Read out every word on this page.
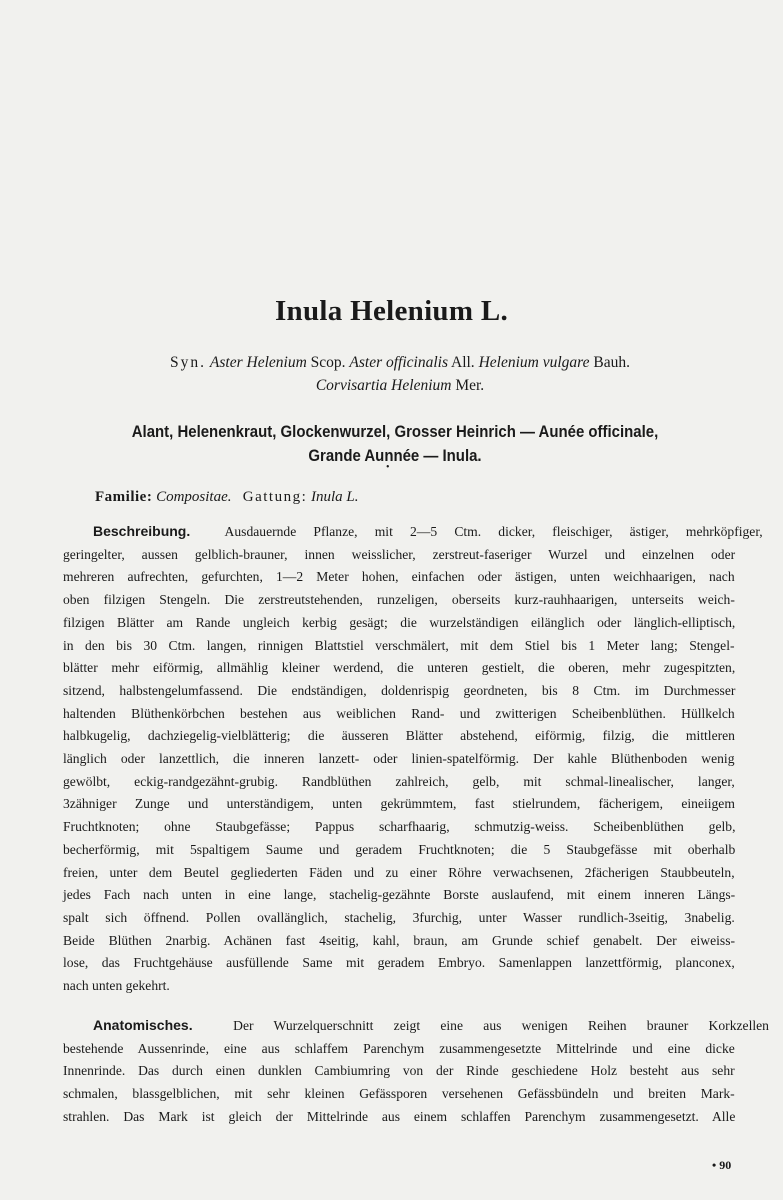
Inula Helenium L.
Syn. Aster Helenium Scop. Aster officinalis All. Helenium vulgare Bauh.
Corvisartia Helenium Mer.
Alant, Helenenkraut, Glockenwurzel, Grosser Heinrich — Aunée officinale,
Grande Aunnée — Inula.
•
Familie: Compositae. Gattung: Inula L.
Beschreibung.	Ausdauernde Pflanze, mit 2—5 Ctm. dicker, fleischiger, ästiger, mehrköpfiger,
geringelter, aussen gelblich-brauner, innen weisslicher, zerstreut-faseriger Wurzel und einzelnen oder
mehreren aufrechten, gefurchten, 1—2 Meter hohen, einfachen oder ästigen, unten weichhaarigen, nach
oben filzigen Stengeln. Die zerstreutstehenden, runzeligen, oberseits kurz-rauhhaarigen, unterseits weich-
filzigen Blätter am Rande ungleich kerbig gesägt; die wurzelständigen eilänglich oder länglich-elliptisch,
in den bis 30 Ctm. langen, rinnigen Blattstiel verschmälert, mit dem Stiel bis 1 Meter lang; Stengel-
blätter mehr eiförmig, allmählig kleiner werdend, die unteren gestielt, die oberen, mehr zugespitzten,
sitzend, halbstengelumfassend. Die endständigen, doldenrispig geordneten, bis 8 Ctm. im Durchmesser
haltenden Blüthenkörbchen bestehen aus weiblichen Rand- und zwitterigen Scheibenblüthen. Hüllkelch
halbkugelig, dachziegelig-vielblätterig; die äusseren Blätter abstehend, eiförmig, filzig, die mittleren
länglich oder lanzettlich, die inneren lanzett- oder linien-spatelförmig. Der kahle Blüthenboden wenig
gewölbt, eckig-randgezähnt-grubig. Randblüthen zahlreich, gelb, mit schmal-linealischer, langer,
3zähniger Zunge und unterständigem, unten gekrümmtem, fast stielrundem, fächerigem, eineiigem
Fruchtknoten; ohne Staubgefässe; Pappus scharfhaarig, schmutzig-weiss. Scheibenblüthen gelb,
becherförmig, mit 5spaltigem Saume und geradem Fruchtknoten; die 5 Staubgefässe mit oberhalb
freien, unter dem Beutel gegliederten Fäden und zu einer Röhre verwachsenen, 2fächerigen Staubbeuteln,
jedes Fach nach unten in eine lange, stachelig-gezähnte Borste auslaufend, mit einem inneren Längs-
spalt sich öffnend. Pollen ovallänglich, stachelig, 3furchig, unter Wasser rundlich-3seitig, 3nabelig.
Beide Blüthen 2narbig. Achänen fast 4seitig, kahl, braun, am Grunde schief genabelt. Der eiweiss-
lose, das Fruchtgehäuse ausfüllende Same mit geradem Embryo. Samenlappen lanzettförmig, planconex,
nach unten gekehrt.
Anatomisches.	Der Wurzelquerschnitt zeigt eine aus wenigen Reihen brauner Korkzellen
bestehende Aussenrinde, eine aus schlaffem Parenchym zusammengesetzte Mittelrinde und eine dicke
Innenrinde. Das durch einen dunklen Cambiumring von der Rinde geschiedene Holz besteht aus sehr
schmalen, blassgelblichen, mit sehr kleinen Gefässporen versehenen Gefässbündeln und breiten Mark-
strahlen. Das Mark ist gleich der Mittelrinde aus einem schlaffen Parenchym zusammengesetzt. Alle
• 90
